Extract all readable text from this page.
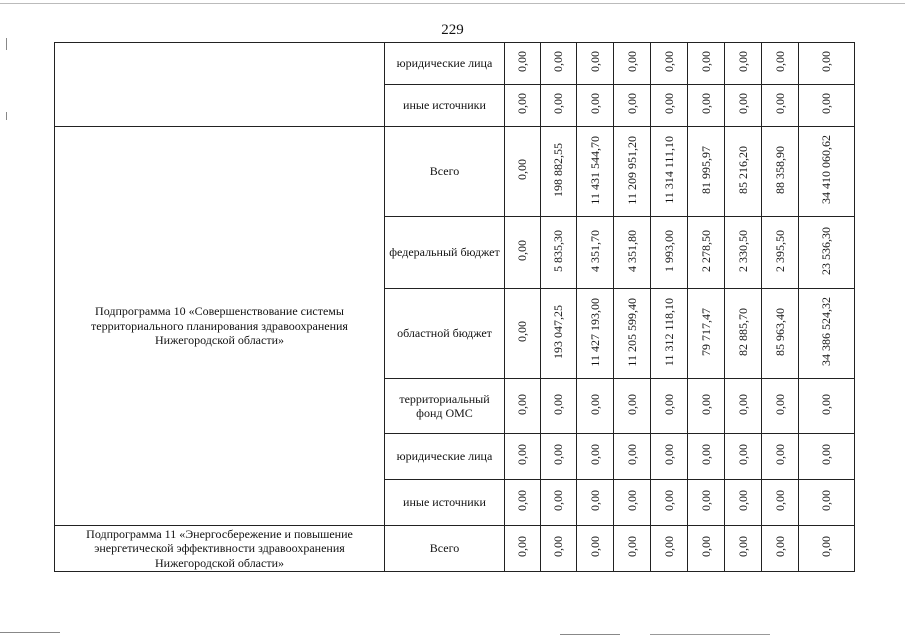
229
	юридические лица	0,00	0,00	0,00	0,00	0,00	0,00	0,00	0,00	0,00
	иные источники	0,00	0,00	0,00	0,00	0,00	0,00	0,00	0,00	0,00
Подпрограмма 10 «Совершенствование системы территориального планирования здравоохранения Нижегородской области»	Всего	0,00	198 882,55	11 431 544,70	11 209 951,20	11 314 111,10	81 995,97	85 216,20	88 358,90	34 410 060,62
	федеральный бюджет	0,00	5 835,30	4 351,70	4 351,80	1 993,00	2 278,50	2 330,50	2 395,50	23 536,30
	областной бюджет	0,00	193 047,25	11 427 193,00	11 205 599,40	11 312 118,10	79 717,47	82 885,70	85 963,40	34 386 524,32
	территориальный фонд ОМС	0,00	0,00	0,00	0,00	0,00	0,00	0,00	0,00	0,00
	юридические лица	0,00	0,00	0,00	0,00	0,00	0,00	0,00	0,00	0,00
	иные источники	0,00	0,00	0,00	0,00	0,00	0,00	0,00	0,00	0,00
Подпрограмма 11 «Энергосбережение и повышение энергетической эффективности здравоохранения Нижегородской области»	Всего	0,00	0,00	0,00	0,00	0,00	0,00	0,00	0,00	0,00
